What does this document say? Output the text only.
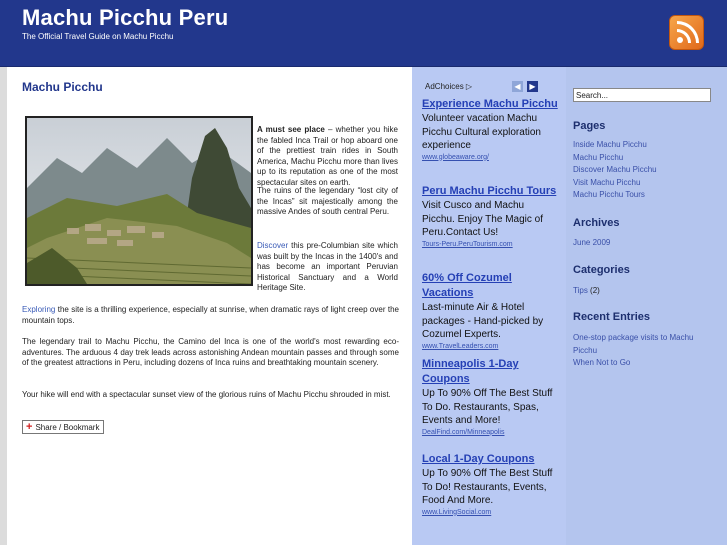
Machu Picchu Peru
The Official Travel Guide on Machu Picchu
Machu Picchu
A must see place – whether you hike the fabled Inca Trail or hop aboard one of the prettiest train rides in South America, Machu Picchu more than lives up to its reputation as one of the most spectacular sites on earth.
The ruins of the legendary “lost city of the Incas” sit majestically among the massive Andes of south central Peru.
Discover this pre-Columbian site which was built by the Incas in the 1400's and has become an important Peruvian Historical Sanctuary and a World Heritage Site.
Exploring the site is a thrilling experience, especially at sunrise, when dramatic rays of light creep over the mountain tops.
The legendary trail to Machu Picchu, the Camino del Inca is one of the world's most rewarding eco-adventures. The arduous 4 day trek leads across astonishing Andean mountain passes and through some of the greatest attractions in Peru, including dozens of Inca ruins and breathtaking mountain scenery.
Your hike will end with a spectacular sunset view of the glorious ruins of Machu Picchu shrouded in mist.
+ Share / Bookmark
AdChoices ▷	◀	▶
Experience Machu Picchu
Volunteer vacation Machu Picchu Cultural exploration experience
www.globeaware.org/
Peru Machu Picchu Tours
Visit Cusco and Machu Picchu. Enjoy The Magic of Peru.Contact Us!
Tours-Peru.PeruTourism.com
60% Off Cozumel Vacations
Last-minute Air & Hotel packages - Hand-picked by Cozumel Experts.
www.TravelLeaders.com
Minneapolis 1-Day Coupons
Up To 90% Off The Best Stuff To Do. Restaurants, Spas, Events and More!
DealFind.com/Minneapolis
Local 1-Day Coupons
Up To 90% Off The Best Stuff To Do! Restaurants, Events, Food And More.
www.LivingSocial.com
Search...
Pages
Inside Machu Picchu
Machu Picchu
Discover Machu Picchu
Visit Machu Picchu
Machu Picchu Tours
Archives
June 2009
Categories
Tips (2)
Recent Entries
One-stop package visits to Machu Picchu
When Not to Go
